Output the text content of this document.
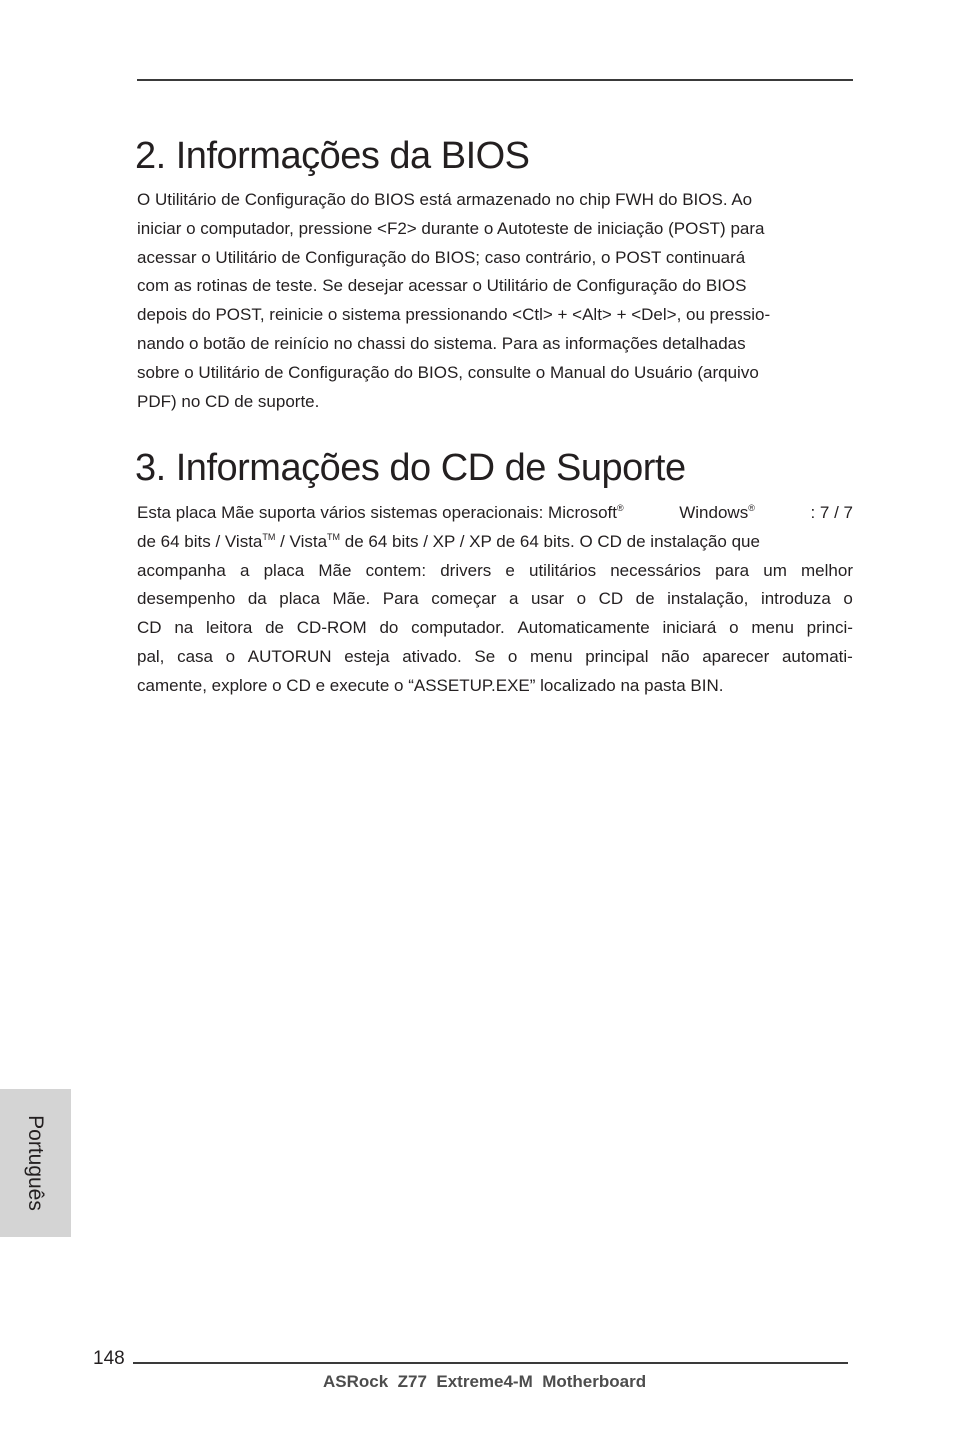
2. Informações da BIOS
O Utilitário de Configuração do BIOS está armazenado no chip FWH do BIOS. Ao
iniciar o computador, pressione <F2> durante o Autoteste de iniciação (POST) para
acessar o Utilitário de Configuração do BIOS; caso contrário, o POST continuará
com as rotinas de teste. Se desejar acessar o Utilitário de Configuração do BIOS
depois do POST, reinicie o sistema pressionando <Ctl> + <Alt> + <Del>, ou pressio-
nando o botão de reinício no chassi do sistema. Para as informações detalhadas
sobre o Utilitário de Configuração do BIOS, consulte o Manual do Usuário (arquivo
PDF) no CD de suporte.
3. Informações do CD de Suporte
Esta placa Mãe suporta vários sistemas operacionais: Microsoft®	Windows®	: 7 / 7
de 64 bits / Vista™ / Vista™ de 64 bits / XP / XP de 64 bits. O CD de instalação que
acompanha a placa Mãe contem: drivers e utilitários necessários para um melhor
desempenho da placa Mãe. Para começar a usar o CD de instalação, introduza o
CD na leitora de CD-ROM do computador. Automaticamente iniciará o menu princi-
pal, casa o AUTORUN esteja ativado. Se o menu principal não aparecer automati-
camente, explore o CD e execute o “ASSETUP.EXE” localizado na pasta BIN.
Português
148
ASRock  Z77  Extreme4-M  Motherboard
